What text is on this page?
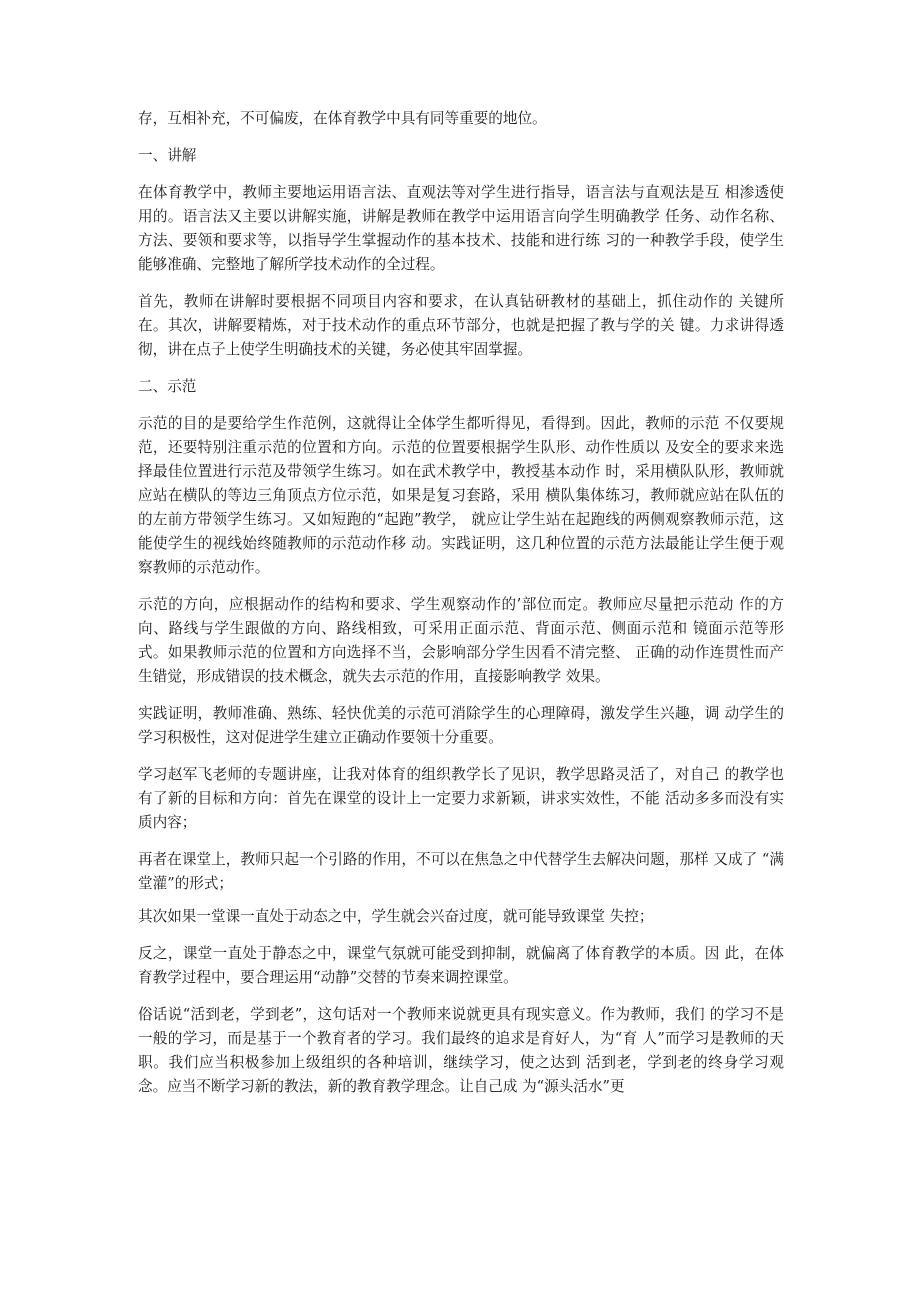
存，互相补充，不可偏废，在体育教学中具有同等重要的地位。

一、讲解

在体育教学中，教师主要地运用语言法、直观法等对学生进行指导，语言法与直观法是互 相渗透使用的。语言法又主要以讲解实施，讲解是教师在教学中运用语言向学生明确教学 任务、动作名称、方法、要领和要求等，以指导学生掌握动作的基本技术、技能和进行练 习的一种教学手段，使学生能够准确、完整地了解所学技术动作的全过程。

首先，教师在讲解时要根据不同项目内容和要求，在认真钻研教材的基础上，抓住动作的 关键所在。其次，讲解要精炼，对于技术动作的重点环节部分，也就是把握了教与学的关 键。力求讲得透彻，讲在点子上使学生明确技术的关键，务必使其牢固掌握。

二、示范

示范的目的是要给学生作范例，这就得让全体学生都听得见，看得到。因此，教师的示范 不仅要规范，还要特别注重示范的位置和方向。示范的位置要根据学生队形、动作性质以 及安全的要求来选择最佳位置进行示范及带领学生练习。如在武术教学中，教授基本动作 时，采用横队队形，教师就应站在横队的等边三角顶点方位示范，如果是复习套路，采用 横队集体练习，教师就应站在队伍的的左前方带领学生练习。又如短跑的“起跑”教学， 就应让学生站在起跑线的两侧观察教师示范，这能使学生的视线始终随教师的示范动作移 动。实践证明，这几种位置的示范方法最能让学生便于观察教师的示范动作。

示范的方向，应根据动作的结构和要求、学生观察动作的’部位而定。教师应尽量把示范动 作的方向、路线与学生跟做的方向、路线相致，可采用正面示范、背面示范、侧面示范和 镜面示范等形式。如果教师示范的位置和方向选择不当，会影响部分学生因看不清完整、 正确的动作连贯性而产生错觉，形成错误的技术概念，就失去示范的作用，直接影响教学 效果。

实践证明，教师准确、熟练、轻快优美的示范可消除学生的心理障碍，激发学生兴趣，调 动学生的学习积极性，这对促进学生建立正确动作要领十分重要。

学习赵军飞老师的专题讲座，让我对体育的组织教学长了见识，教学思路灵活了，对自己 的教学也有了新的目标和方向：首先在课堂的设计上一定要力求新颖，讲求实效性，不能 活动多多而没有实质内容；

再者在课堂上，教师只起一个引路的作用，不可以在焦急之中代替学生去解决问题，那样 又成了 “满堂灌”的形式；

其次如果一堂课一直处于动态之中，学生就会兴奋过度，就可能导致课堂 失控；

反之，课堂一直处于静态之中，课堂气氛就可能受到抑制，就偏离了体育教学的本质。因 此，在体育教学过程中，要合理运用“动静”交替的节奏来调控课堂。

俗话说“活到老，学到老”，这句话对一个教师来说就更具有现实意义。作为教师，我们 的学习不是一般的学习，而是基于一个教育者的学习。我们最终的追求是育好人，为“育 人”而学习是教师的天职。我们应当积极参加上级组织的各种培训，继续学习，使之达到 活到老，学到老的终身学习观念。应当不断学习新的教法，新的教育教学理念。让自己成 为“源头活水”更
